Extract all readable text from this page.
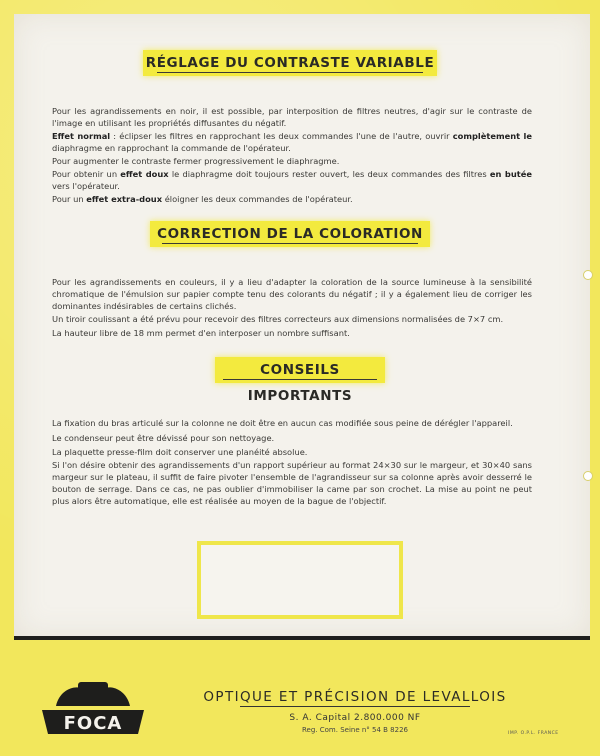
RÉGLAGE DU CONTRASTE VARIABLE

Pour les agrandissements en noir, il est possible, par interposition de filtres neutres, d'agir sur le contraste de l'image en utilisant les propriétés diffusantes du négatif.

Effet normal : éclipser les filtres en rapprochant les deux commandes l'une de l'autre, ouvrir complètement le diaphragme en rapprochant la commande de l'opérateur.

Pour augmenter le contraste fermer progressivement le diaphragme.

Pour obtenir un effet doux le diaphragme doit toujours rester ouvert, les deux commandes des filtres en butée vers l'opérateur.

Pour un effet extra-doux éloigner les deux commandes de l'opérateur.

CORRECTION DE LA COLORATION

Pour les agrandissements en couleurs, il y a lieu d'adapter la coloration de la source lumineuse à la sensibilité chromatique de l'émulsion sur papier compte tenu des colorants du négatif ; il y a également lieu de corriger les dominantes indésirables de certains clichés.

Un tiroir coulissant a été prévu pour recevoir des filtres correcteurs aux dimensions normalisées de 7×7 cm.

La hauteur libre de 18 mm permet d'en interposer un nombre suffisant.

CONSEILS IMPORTANTS

La fixation du bras articulé sur la colonne ne doit être en aucun cas modifiée sous peine de dérégler l'appareil.

Le condenseur peut être dévissé pour son nettoyage.

La plaquette presse-film doit conserver une planéité absolue.

Si l'on désire obtenir des agrandissements d'un rapport supérieur au format 24×30 sur le margeur, et 30×40 sans margeur sur le plateau, il suffit de faire pivoter l'ensemble de l'agrandisseur sur sa colonne après avoir desserré le bouton de serrage. Dans ce cas, ne pas oublier d'immobiliser la came par son crochet. La mise au point ne peut plus alors être automatique, elle est réalisée au moyen de la bague de l'objectif.

FOCA
OPTIQUE ET PRÉCISION DE LEVALLOIS
S. A. Capital 2.800.000 NF
Reg. Com. Seine n° 54 B 8226	IMP. O.P.L. FRANCE
